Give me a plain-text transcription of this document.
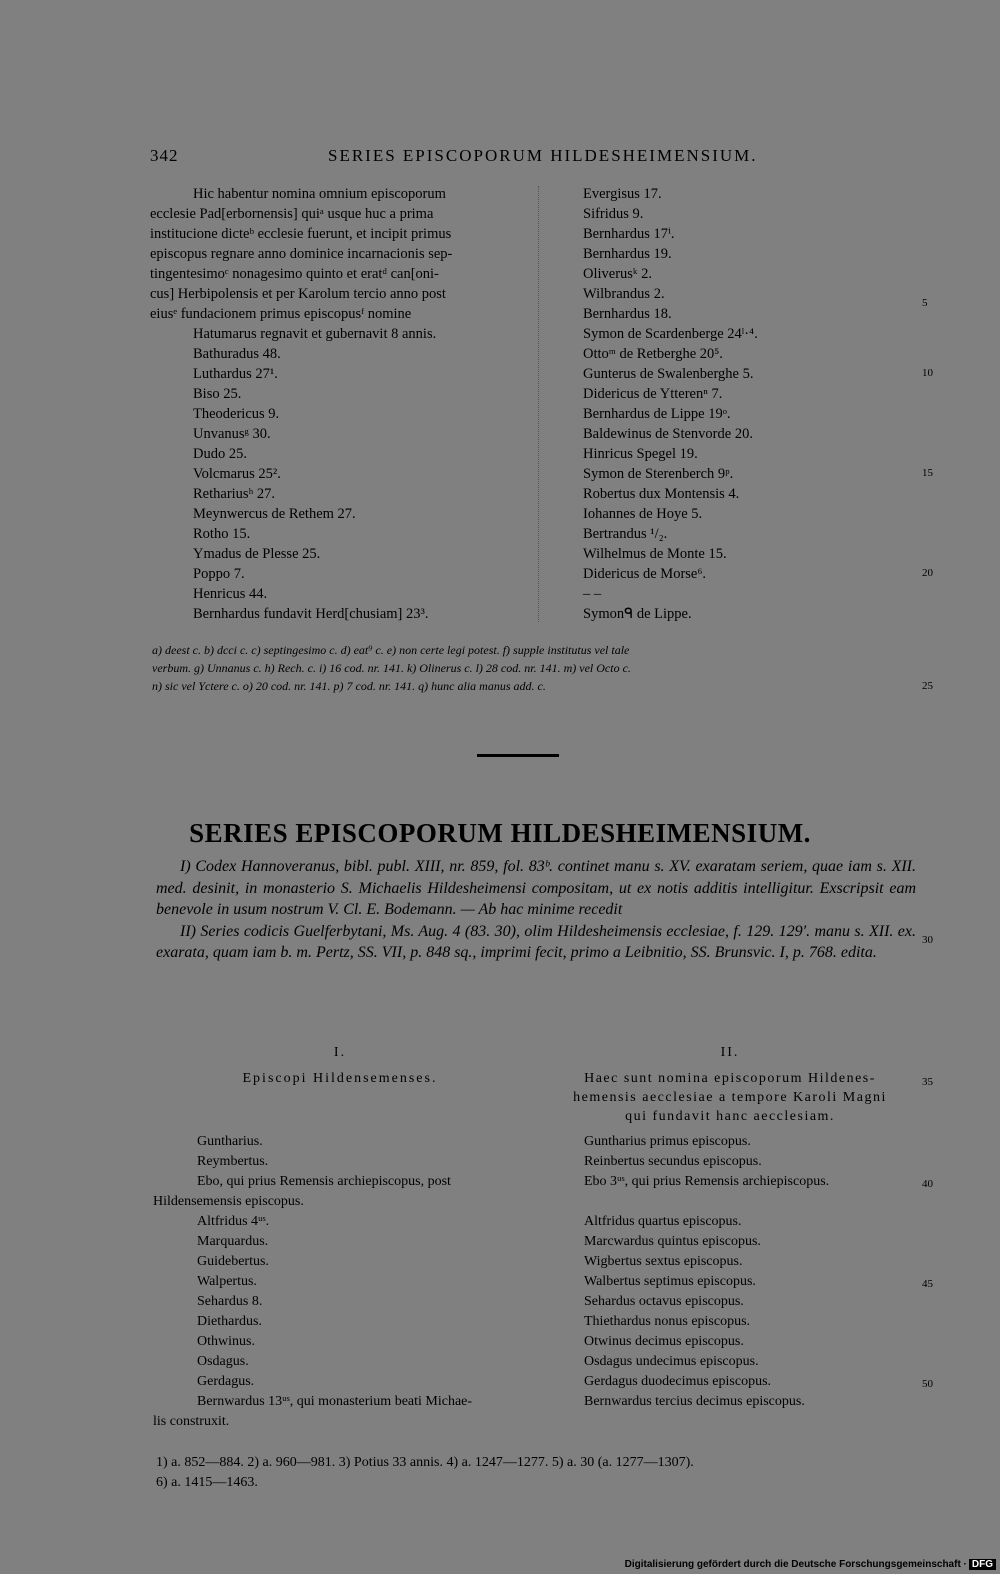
342	SERIES EPISCOPORUM HILDESHEIMENSIUM.
Hic habentur nomina omnium episcoporum
ecclesie Pad[erbornensis] quiᵃ usque huc a prima
institucione dicteᵇ ecclesie fuerunt, et incipit primus
episcopus regnare anno dominice incarnacionis sep-
tingentesimoᶜ nonagesimo quinto et eratᵈ can[oni-
cus] Herbipolensis et per Karolum tercio anno post
eiusᵉ fundacionem primus episcopusᶠ nomine
Hatumarus regnavit et gubernavit 8 annis.
Bathuradus 48.
Luthardus 27¹.
Biso 25.
Theodericus 9.
Unvanusᵍ 30.
Dudo 25.
Volcmarus 25².
Rethariusʰ 27.
Meynwercus de Rethem 27.
Rotho 15.
Ymadus de Plesse 25.
Poppo 7.
Henricus 44.
Bernhardus fundavit Herd[chusiam] 23³.
Evergisus 17.
Sifridus 9.
Bernhardus 17ⁱ.
Bernhardus 19.
Oliverusᵏ 2.
Wilbrandus 2.
Bernhardus 18.
Symon de Scardenberge 24ˡ·⁴.
Ottoᵐ de Retberghe 20⁵.
Gunterus de Swalenberghe 5.
Didericus de Ytterenⁿ 7.
Bernhardus de Lippe 19ᵒ.
Baldewinus de Stenvorde 20.
Hinricus Spegel 19.
Symon de Sterenberch 9ᵖ.
Robertus dux Montensis 4.
Iohannes de Hoye 5.
Bertrandus ¹/₂.
Wilhelmus de Monte 15.
Didericus de Morse⁶.
– –
Symonᑫ de Lippe.
5
10
15
20
a) deest c. b) dcci c. c) septingesimo c. d) eat⁹ c. e) non certe legi potest. f) supple institutus vel tale
verbum. g) Unnanus c. h) Rech. c. i) 16 cod. nr. 141. k) Olinerus c. l) 28 cod. nr. 141. m) vel Octo c.
n) sic vel Yctere c. o) 20 cod. nr. 141. p) 7 cod. nr. 141. q) hunc alia manus add. c.	25
SERIES EPISCOPORUM HILDESHEIMENSIUM.

I) Codex Hannoveranus, bibl. publ. XIII, nr. 859, fol. 83ᵇ. continet manu s. XV. exaratam seriem, quae iam s. XII. med. desinit, in monasterio S. Michaelis Hildesheimensi compositam, ut ex notis additis intelligitur. Exscripsit eam benevole in usum nostrum V. Cl. E. Bodemann. — Ab hac minime recedit

II) Series codicis Guelferbytani, Ms. Aug. 4 (83. 30), olim Hildesheimensis ecclesiae, f. 129. 129′. manu s. XII. ex. exarata, quam iam b. m. Pertz, SS. VII, p. 848 sq., imprimi fecit, primo a Leibnitio, SS. Brunsvic. I, p. 768. edita.

30
I.
Episcopi Hildensemenses.
II.
Haec sunt nomina episcoporum Hildenes-
hemensis aecclesiae a tempore Karoli Magni
qui fundavit hanc aecclesiam.
Guntharius.
Reymbertus.
Ebo, qui prius Remensis archiepiscopus, post
Hildensemensis episcopus.
Altfridus 4ᵘˢ.
Marquardus.
Guidebertus.
Walpertus.
Sehardus 8.
Diethardus.
Othwinus.
Osdagus.
Gerdagus.
Bernwardus 13ᵘˢ, qui monasterium beati Michae-
lis construxit.
Guntharius primus episcopus.
Reinbertus secundus episcopus.
Ebo 3ᵘˢ, qui prius Remensis archiepiscopus.
Altfridus quartus episcopus.
Marcwardus quintus episcopus.
Wigbertus sextus episcopus.
Walbertus septimus episcopus.
Sehardus octavus episcopus.
Thiethardus nonus episcopus.
Otwinus decimus episcopus.
Osdagus undecimus episcopus.
Gerdagus duodecimus episcopus.
Bernwardus tercius decimus episcopus.
35
40
45
50
1) a. 852—884. 2) a. 960—981. 3) Potius 33 annis. 4) a. 1247—1277. 5) a. 30 (a. 1277—1307).
6) a. 1415—1463.
Digitalisierung gefördert durch die Deutsche Forschungsgemeinschaft · DFG
